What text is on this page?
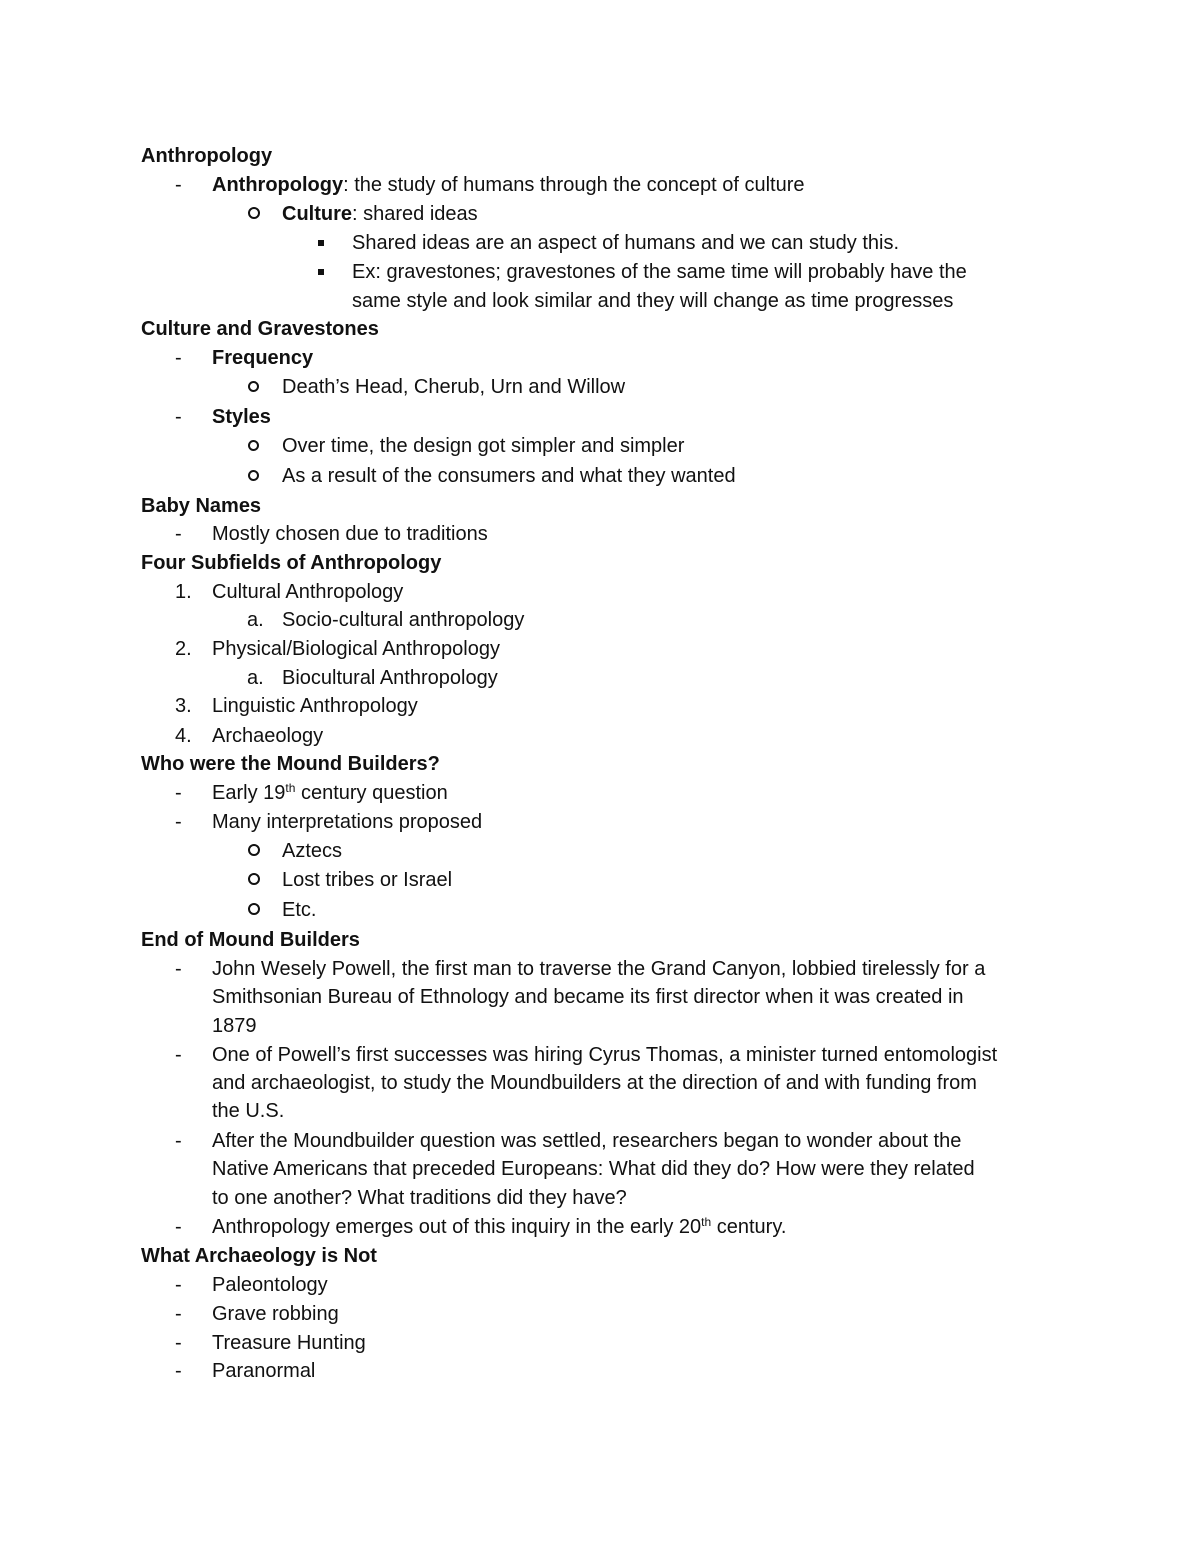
Anthropology
- Anthropology: the study of humans through the concept of culture
Culture: shared ideas
Shared ideas are an aspect of humans and we can study this.
Ex: gravestones; gravestones of the same time will probably have the
same style and look similar and they will change as time progresses
Culture and Gravestones
- Frequency
Death’s Head, Cherub, Urn and Willow
- Styles
Over time, the design got simpler and simpler
As a result of the consumers and what they wanted
Baby Names
- Mostly chosen due to traditions
Four Subfields of Anthropology
1. Cultural Anthropology
a. Socio-cultural anthropology
2. Physical/Biological Anthropology
a. Biocultural Anthropology
3. Linguistic Anthropology
4. Archaeology
Who were the Mound Builders?
- Early 19th century question
- Many interpretations proposed
Aztecs
Lost tribes or Israel
Etc.
End of Mound Builders
- John Wesely Powell, the first man to traverse the Grand Canyon, lobbied tirelessly for a
Smithsonian Bureau of Ethnology and became its first director when it was created in
1879
- One of Powell’s first successes was hiring Cyrus Thomas, a minister turned entomologist
and archaeologist, to study the Moundbuilders at the direction of and with funding from
the U.S.
- After the Moundbuilder question was settled, researchers began to wonder about the
Native Americans that preceded Europeans: What did they do? How were they related
to one another? What traditions did they have?
- Anthropology emerges out of this inquiry in the early 20th century.
What Archaeology is Not
- Paleontology
- Grave robbing
- Treasure Hunting
- Paranormal
